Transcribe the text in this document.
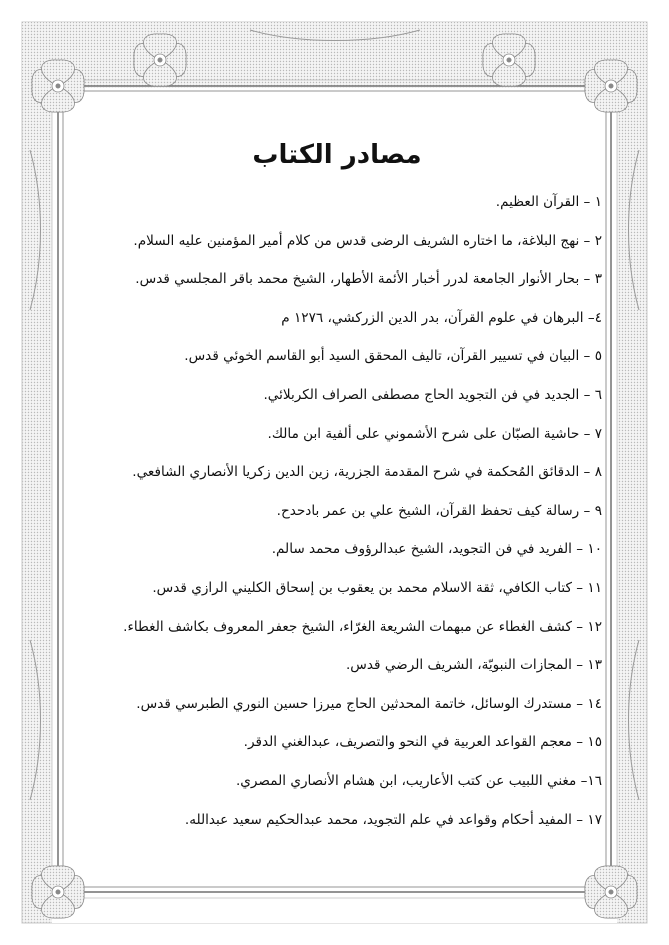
مصادر الكتاب
١ – القرآن العظيم.
٢ – نهج البلاغة، ما اختاره الشريف الرضى قدس من كلام أمير المؤمنين عليه السلام.
٣ – بحار الأنوار الجامعة لدرر أخبار الأئمة الأطهار، الشيخ محمد باقر المجلسي قدس.
٤– البرهان في علوم القرآن، بدر الدين الزركشي، ١٢٧٦ م
٥ – البيان في تسيير القرآن، تاليف المحقق السيد أبو القاسم الخوئي قدس.
٦ – الجديد في فن التجويد الحاج مصطفى الصراف الكربلائي.
٧ – حاشية الصبّان على شرح الأشموني على ألفية ابن مالك.
٨ – الدقائق المُحكمة في شرح المقدمة الجزرية، زين الدين زكريا الأنصاري الشافعي.
٩ – رسالة كيف تحفظ القرآن، الشيخ علي بن عمر بادحدح.
١٠ – الفريد في فن التجويد، الشيخ عبدالرؤوف محمد سالم.
١١ – كتاب الكافي، ثقة الاسلام محمد بن يعقوب بن إسحاق الكليني الرازي قدس.
١٢ – كشف الغطاء عن مبهمات الشريعة الغرّاء، الشيخ جعفر المعروف بكاشف الغطاء.
١٣ – المجازات النبويّة، الشريف الرضي قدس.
١٤ – مستدرك الوسائل، خاتمة المحدثين الحاج ميرزا حسين النوري الطبرسي قدس.
١٥ – معجم القواعد العربية في النحو والتصريف، عبدالغني الدقر.
١٦– مغني اللبيب عن كتب الأعاريب، ابن هشام الأنصاري المصري.
١٧ – المفيد أحكام وقواعد في علم التجويد، محمد عبدالحكيم سعيد عبدالله.
